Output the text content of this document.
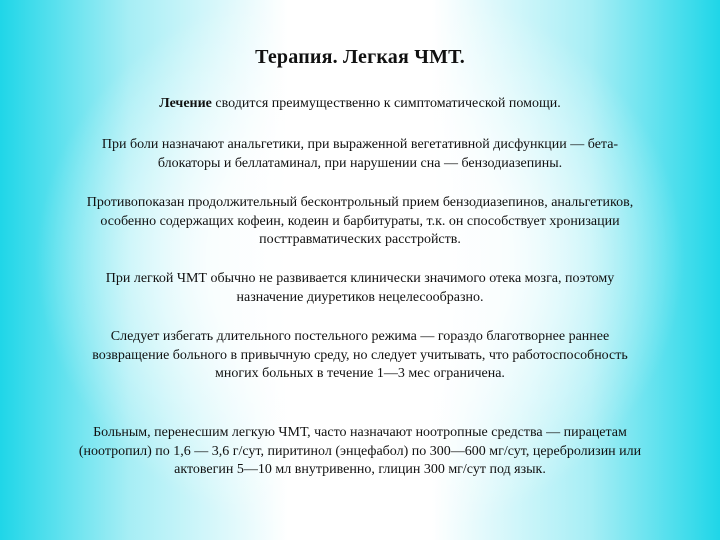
Терапия. Легкая ЧМТ.
Лечение сводится преимущественно к симптоматической помощи.
При боли назначают анальгетики, при выраженной вегетативной дисфункции — бета-
блокаторы и беллатаминал, при нарушении сна — бензодиазепины.
Противопоказан продолжительный бесконтрольный прием бензодиазепинов, анальгетиков,
особенно содержащих кофеин, кодеин и барбитураты, т.к. он способствует хронизации
посттравматических расстройств.
При легкой ЧМТ обычно не развивается клинически значимого отека мозга, поэтому
назначение диуретиков нецелесообразно.
Следует избегать длительного постельного режима — гораздо благотворнее раннее
возвращение больного в привычную среду, но следует учитывать, что работоспособность
многих больных в течение 1—3 мес ограничена.
Больным, перенесшим легкую ЧМТ, часто назначают ноотропные средства — пирацетам
(ноотропил) по 1,6 — 3,6 г/сут, пиритинол (энцефабол) по 300—600 мг/сут, церебролизин или
актовегин 5—10 мл внутривенно, глицин 300 мг/сут под язык.
